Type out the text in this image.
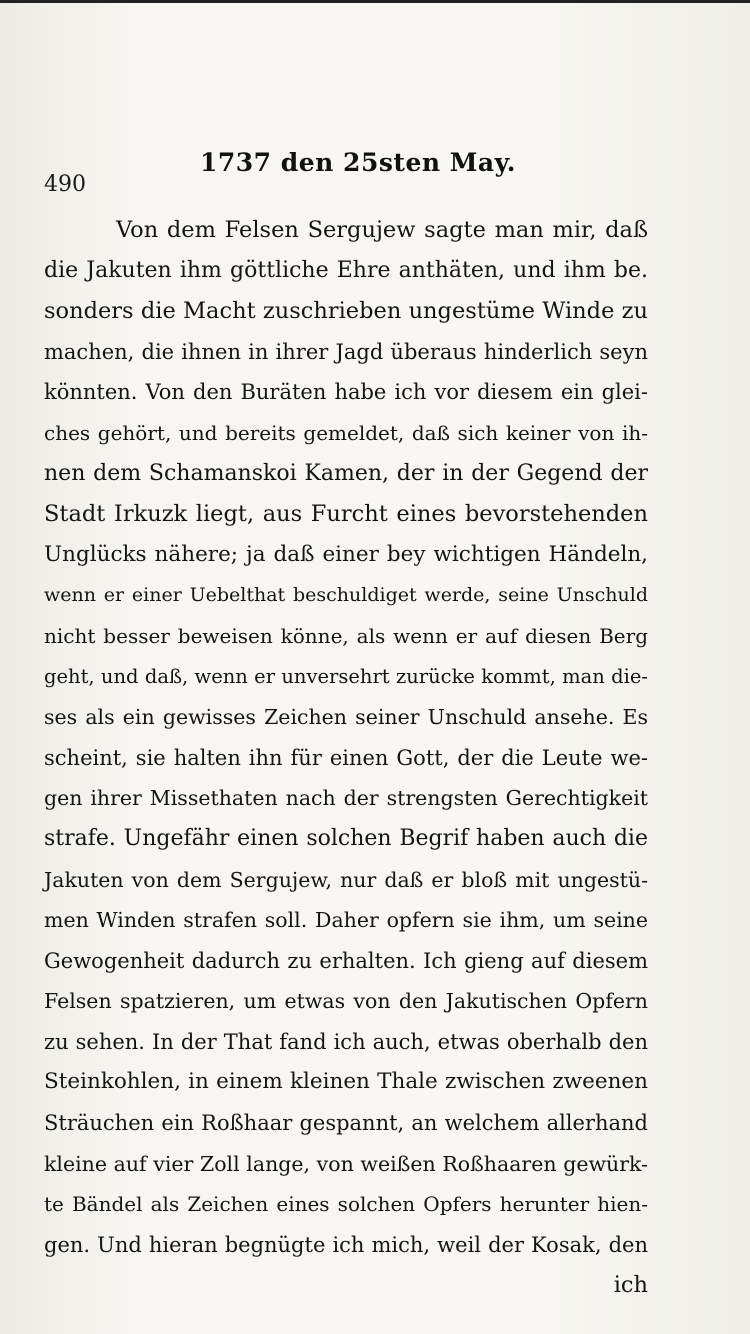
490
1737 den 25sten May.
Von dem Felsen Sergujew sagte man mir, daß
die Jakuten ihm göttliche Ehre anthäten, und ihm be.
sonders die Macht zuschrieben ungestüme Winde zu
machen, die ihnen in ihrer Jagd überaus hinderlich seyn
könnten. Von den Buräten habe ich vor diesem ein glei-
ches gehört, und bereits gemeldet, daß sich keiner von ih-
nen dem Schamanskoi Kamen, der in der Gegend der
Stadt Irkuzk liegt, aus Furcht eines bevorstehenden
Unglücks nähere; ja daß einer bey wichtigen Händeln,
wenn er einer Uebelthat beschuldiget werde, seine Unschuld
nicht besser beweisen könne, als wenn er auf diesen Berg
geht, und daß, wenn er unversehrt zurücke kommt, man die-
ses als ein gewisses Zeichen seiner Unschuld ansehe. Es
scheint, sie halten ihn für einen Gott, der die Leute we-
gen ihrer Missethaten nach der strengsten Gerechtigkeit
strafe. Ungefähr einen solchen Begrif haben auch die
Jakuten von dem Sergujew, nur daß er bloß mit ungestü-
men Winden strafen soll. Daher opfern sie ihm, um seine
Gewogenheit dadurch zu erhalten. Ich gieng auf diesem
Felsen spatzieren, um etwas von den Jakutischen Opfern
zu sehen. In der That fand ich auch, etwas oberhalb den
Steinkohlen, in einem kleinen Thale zwischen zweenen
Sträuchen ein Roßhaar gespannt, an welchem allerhand
kleine auf vier Zoll lange, von weißen Roßhaaren gewürk-
te Bändel als Zeichen eines solchen Opfers herunter hien-
gen. Und hieran begnügte ich mich, weil der Kosak, den
ich
